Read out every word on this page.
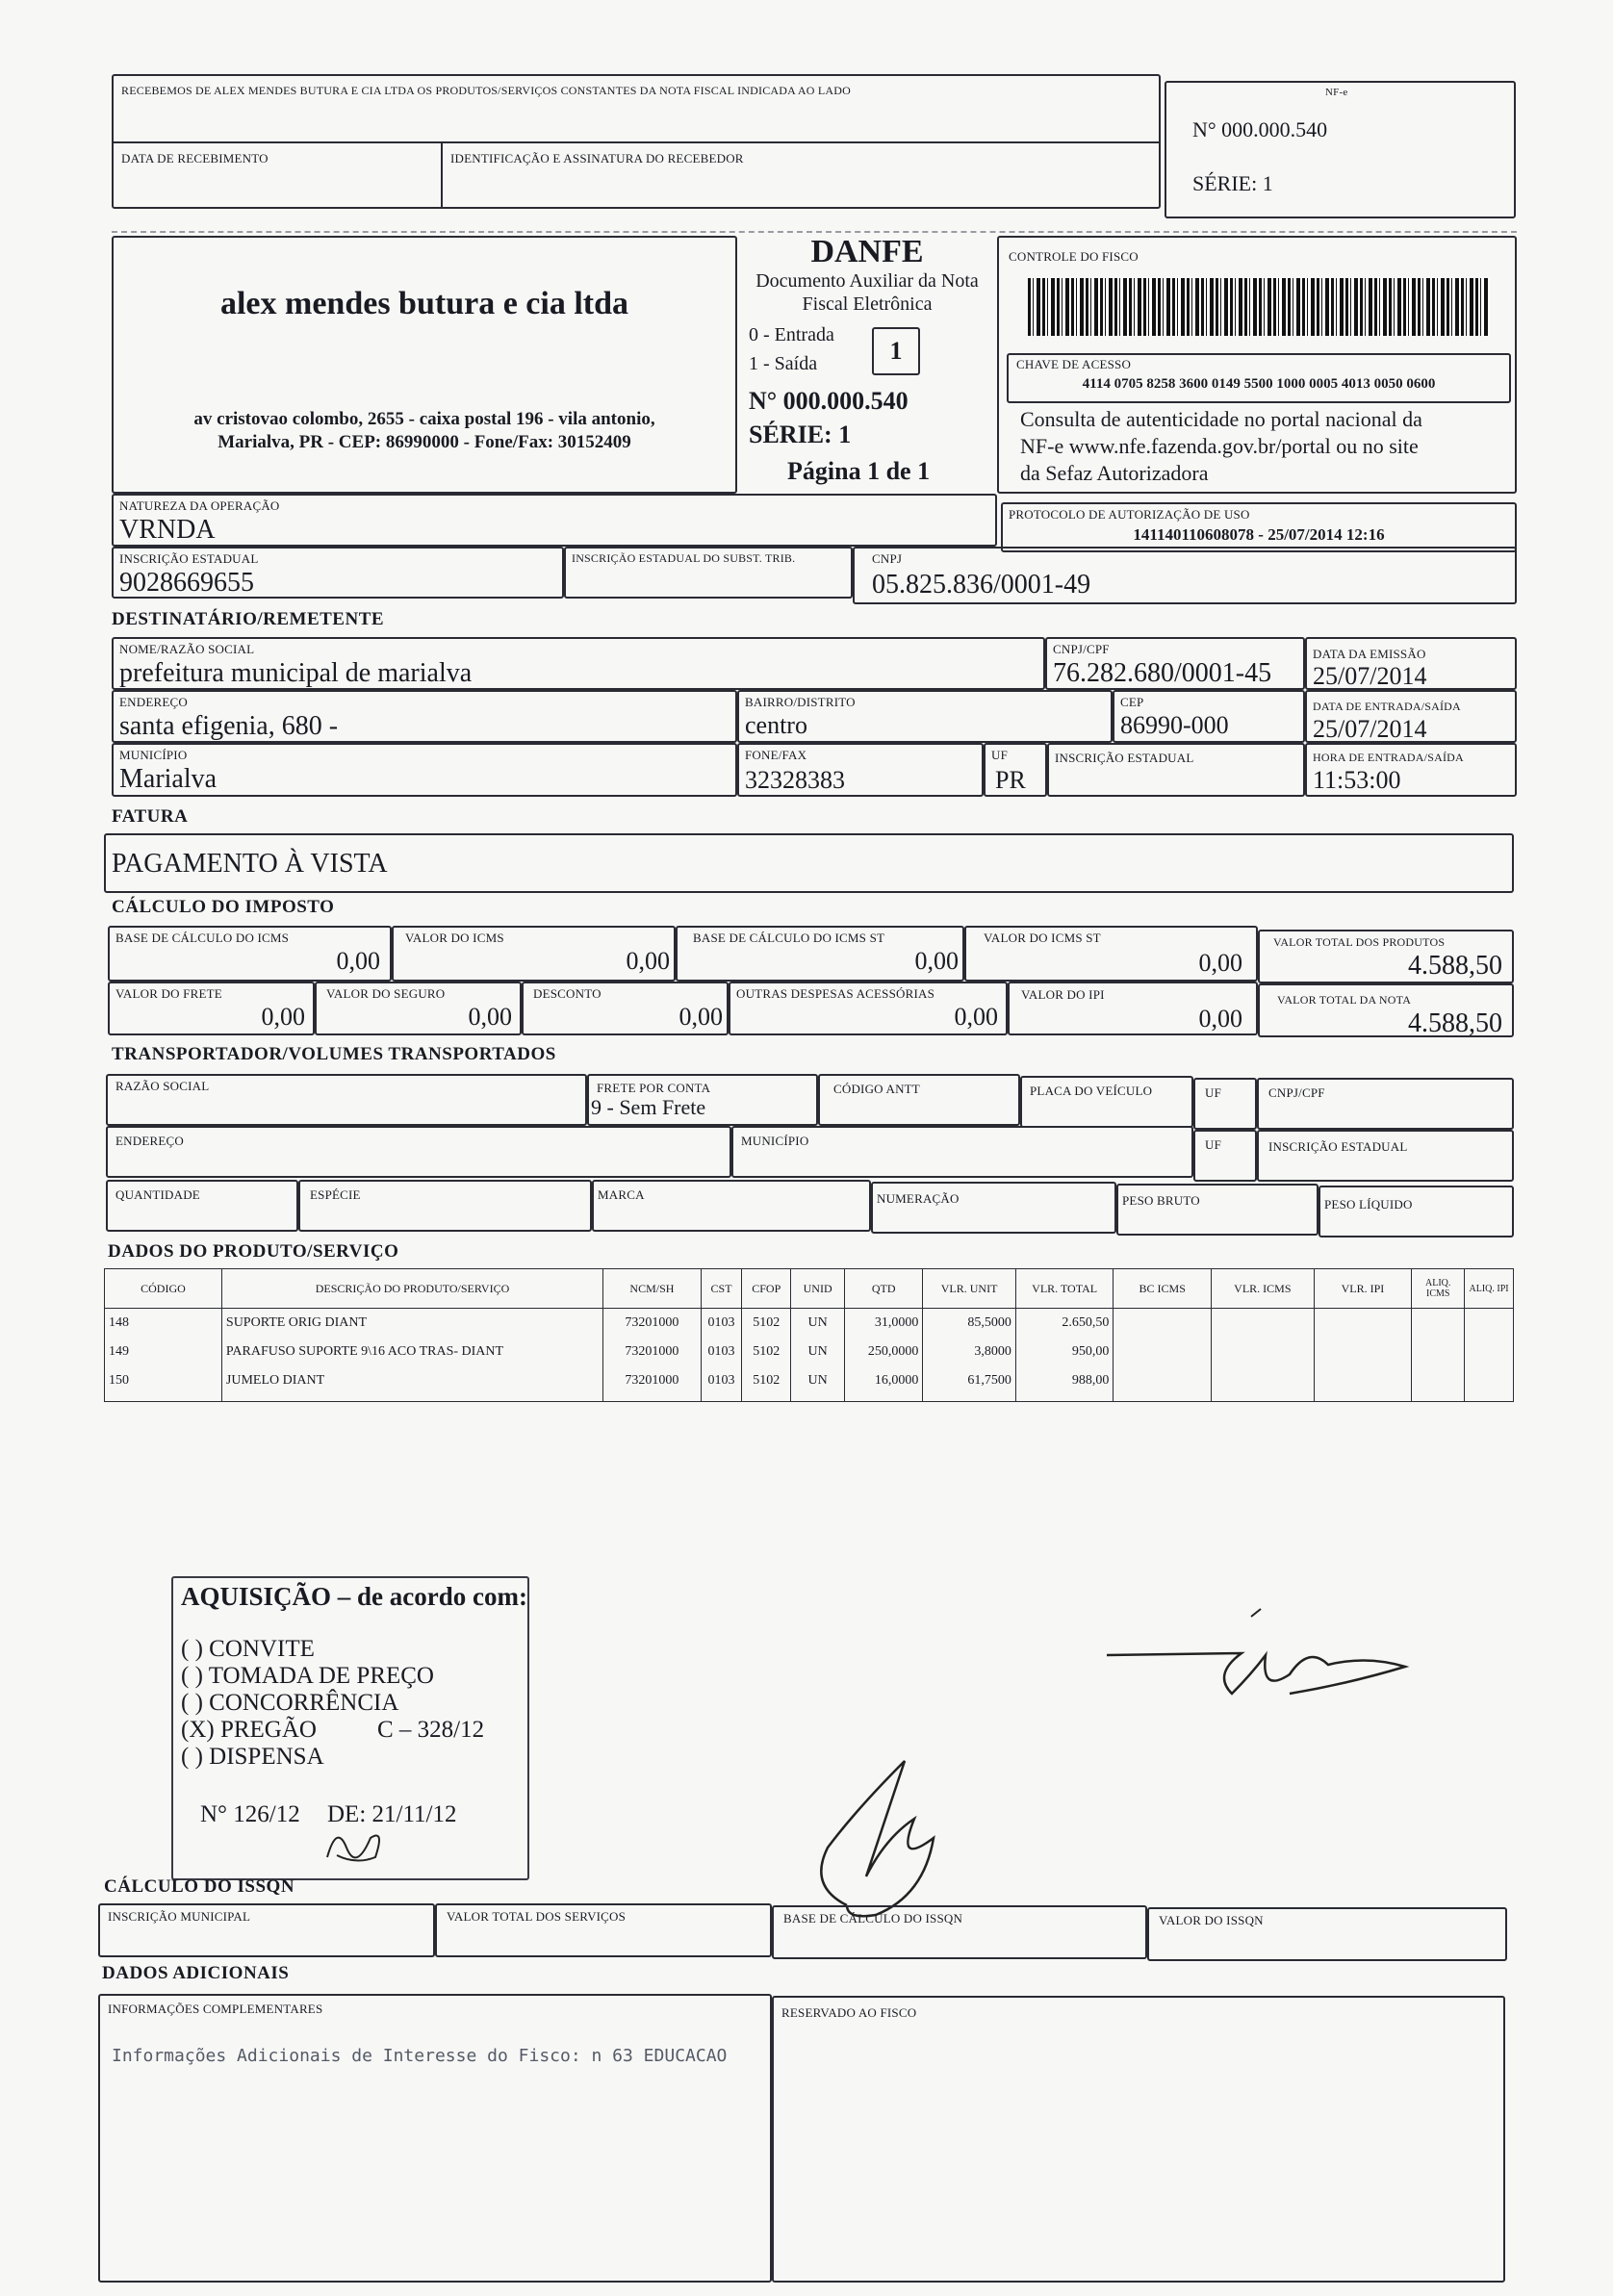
RECEBEMOS DE ALEX MENDES BUTURA E CIA LTDA OS PRODUTOS/SERVIÇOS CONSTANTES DA NOTA FISCAL INDICADA AO LADO
DATA DE RECEBIMENTO	IDENTIFICAÇÃO E ASSINATURA DO RECEBEDOR
NF-e
N° 000.000.540
SÉRIE: 1
alex mendes butura e cia ltda
av cristovao colombo, 2655 - caixa postal 196 - vila antonio,
Marialva, PR - CEP: 86990000 - Fone/Fax: 30152409
DANFE
Documento Auxiliar da Nota
Fiscal Eletrônica
0 - Entrada
1 - Saída	1
N° 000.000.540
SÉRIE: 1
Página 1 de 1
CONTROLE DO FISCO
CHAVE DE ACESSO
4114 0705 8258 3600 0149 5500 1000 0005 4013 0050 0600
Consulta de autenticidade no portal nacional da
NF-e www.nfe.fazenda.gov.br/portal ou no site
da Sefaz Autorizadora
NATUREZA DA OPERAÇÃO
VRNDA
PROTOCOLO DE AUTORIZAÇÃO DE USO
141140110608078 - 25/07/2014 12:16
INSCRIÇÃO ESTADUAL
9028669655
INSCRIÇÃO ESTADUAL DO SUBST. TRIB.	CNPJ
05.825.836/0001-49
DESTINATÁRIO/REMETENTE
NOME/RAZÃO SOCIAL
prefeitura municipal de marialva
CNPJ/CPF
76.282.680/0001-45
DATA DA EMISSÃO
25/07/2014
ENDEREÇO
santa efigenia, 680 -
BAIRRO/DISTRITO
centro
CEP
86990-000
DATA DE ENTRADA/SAÍDA
25/07/2014
MUNICÍPIO
Marialva
FONE/FAX
32328383
UF
PR
INSCRIÇÃO ESTADUAL	HORA DE ENTRADA/SAÍDA
11:53:00
FATURA
PAGAMENTO À VISTA
CÁLCULO DO IMPOSTO
BASE DE CÁLCULO DO ICMS
0,00
VALOR DO ICMS
0,00
BASE DE CÁLCULO DO ICMS ST
0,00
VALOR DO ICMS ST
0,00
VALOR TOTAL DOS PRODUTOS
4.588,50
VALOR DO FRETE
0,00
VALOR DO SEGURO
0,00
DESCONTO
0,00
OUTRAS DESPESAS ACESSÓRIAS
0,00
VALOR DO IPI
0,00
VALOR TOTAL DA NOTA
4.588,50
TRANSPORTADOR/VOLUMES TRANSPORTADOS
RAZÃO SOCIAL	FRETE POR CONTA
9 - Sem Frete
CÓDIGO ANTT	PLACA DO VEÍCULO	UF	CNPJ/CPF
ENDEREÇO	MUNICÍPIO	UF	INSCRIÇÃO ESTADUAL
QUANTIDADE	ESPÉCIE	MARCA	NUMERAÇÃO	PESO BRUTO	PESO LÍQUIDO
DADOS DO PRODUTO/SERVIÇO
CÓDIGO	DESCRIÇÃO DO PRODUTO/SERVIÇO	NCM/SH	CST	CFOP	UNID	QTD	VLR. UNIT	VLR. TOTAL	BC ICMS	VLR. ICMS	VLR. IPI	ALIQ. ICMS	ALIQ. IPI
148	SUPORTE ORIG DIANT	73201000	0103	5102	UN	31,0000	85,5000	2.650,50					
149	PARAFUSO SUPORTE 9\16 ACO TRAS- DIANT	73201000	0103	5102	UN	250,0000	3,8000	950,00					
150	JUMELO DIANT	73201000	0103	5102	UN	16,0000	61,7500	988,00					

AQUISIÇÃO – de acordo com:
( ) CONVITE
( ) TOMADA DE PREÇO
( ) CONCORRÊNCIA
(X) PREGÃO	C – 328/12
( ) DISPENSA
N° 126/12 DE: 21/11/12
CÁLCULO DO ISSQN
INSCRIÇÃO MUNICIPAL	VALOR TOTAL DOS SERVIÇOS	BASE DE CÁLCULO DO ISSQN	VALOR DO ISSQN
DADOS ADICIONAIS
INFORMAÇÕES COMPLEMENTARES
Informações Adicionais de Interesse do Fisco: n 63 EDUCACAO
RESERVADO AO FISCO
